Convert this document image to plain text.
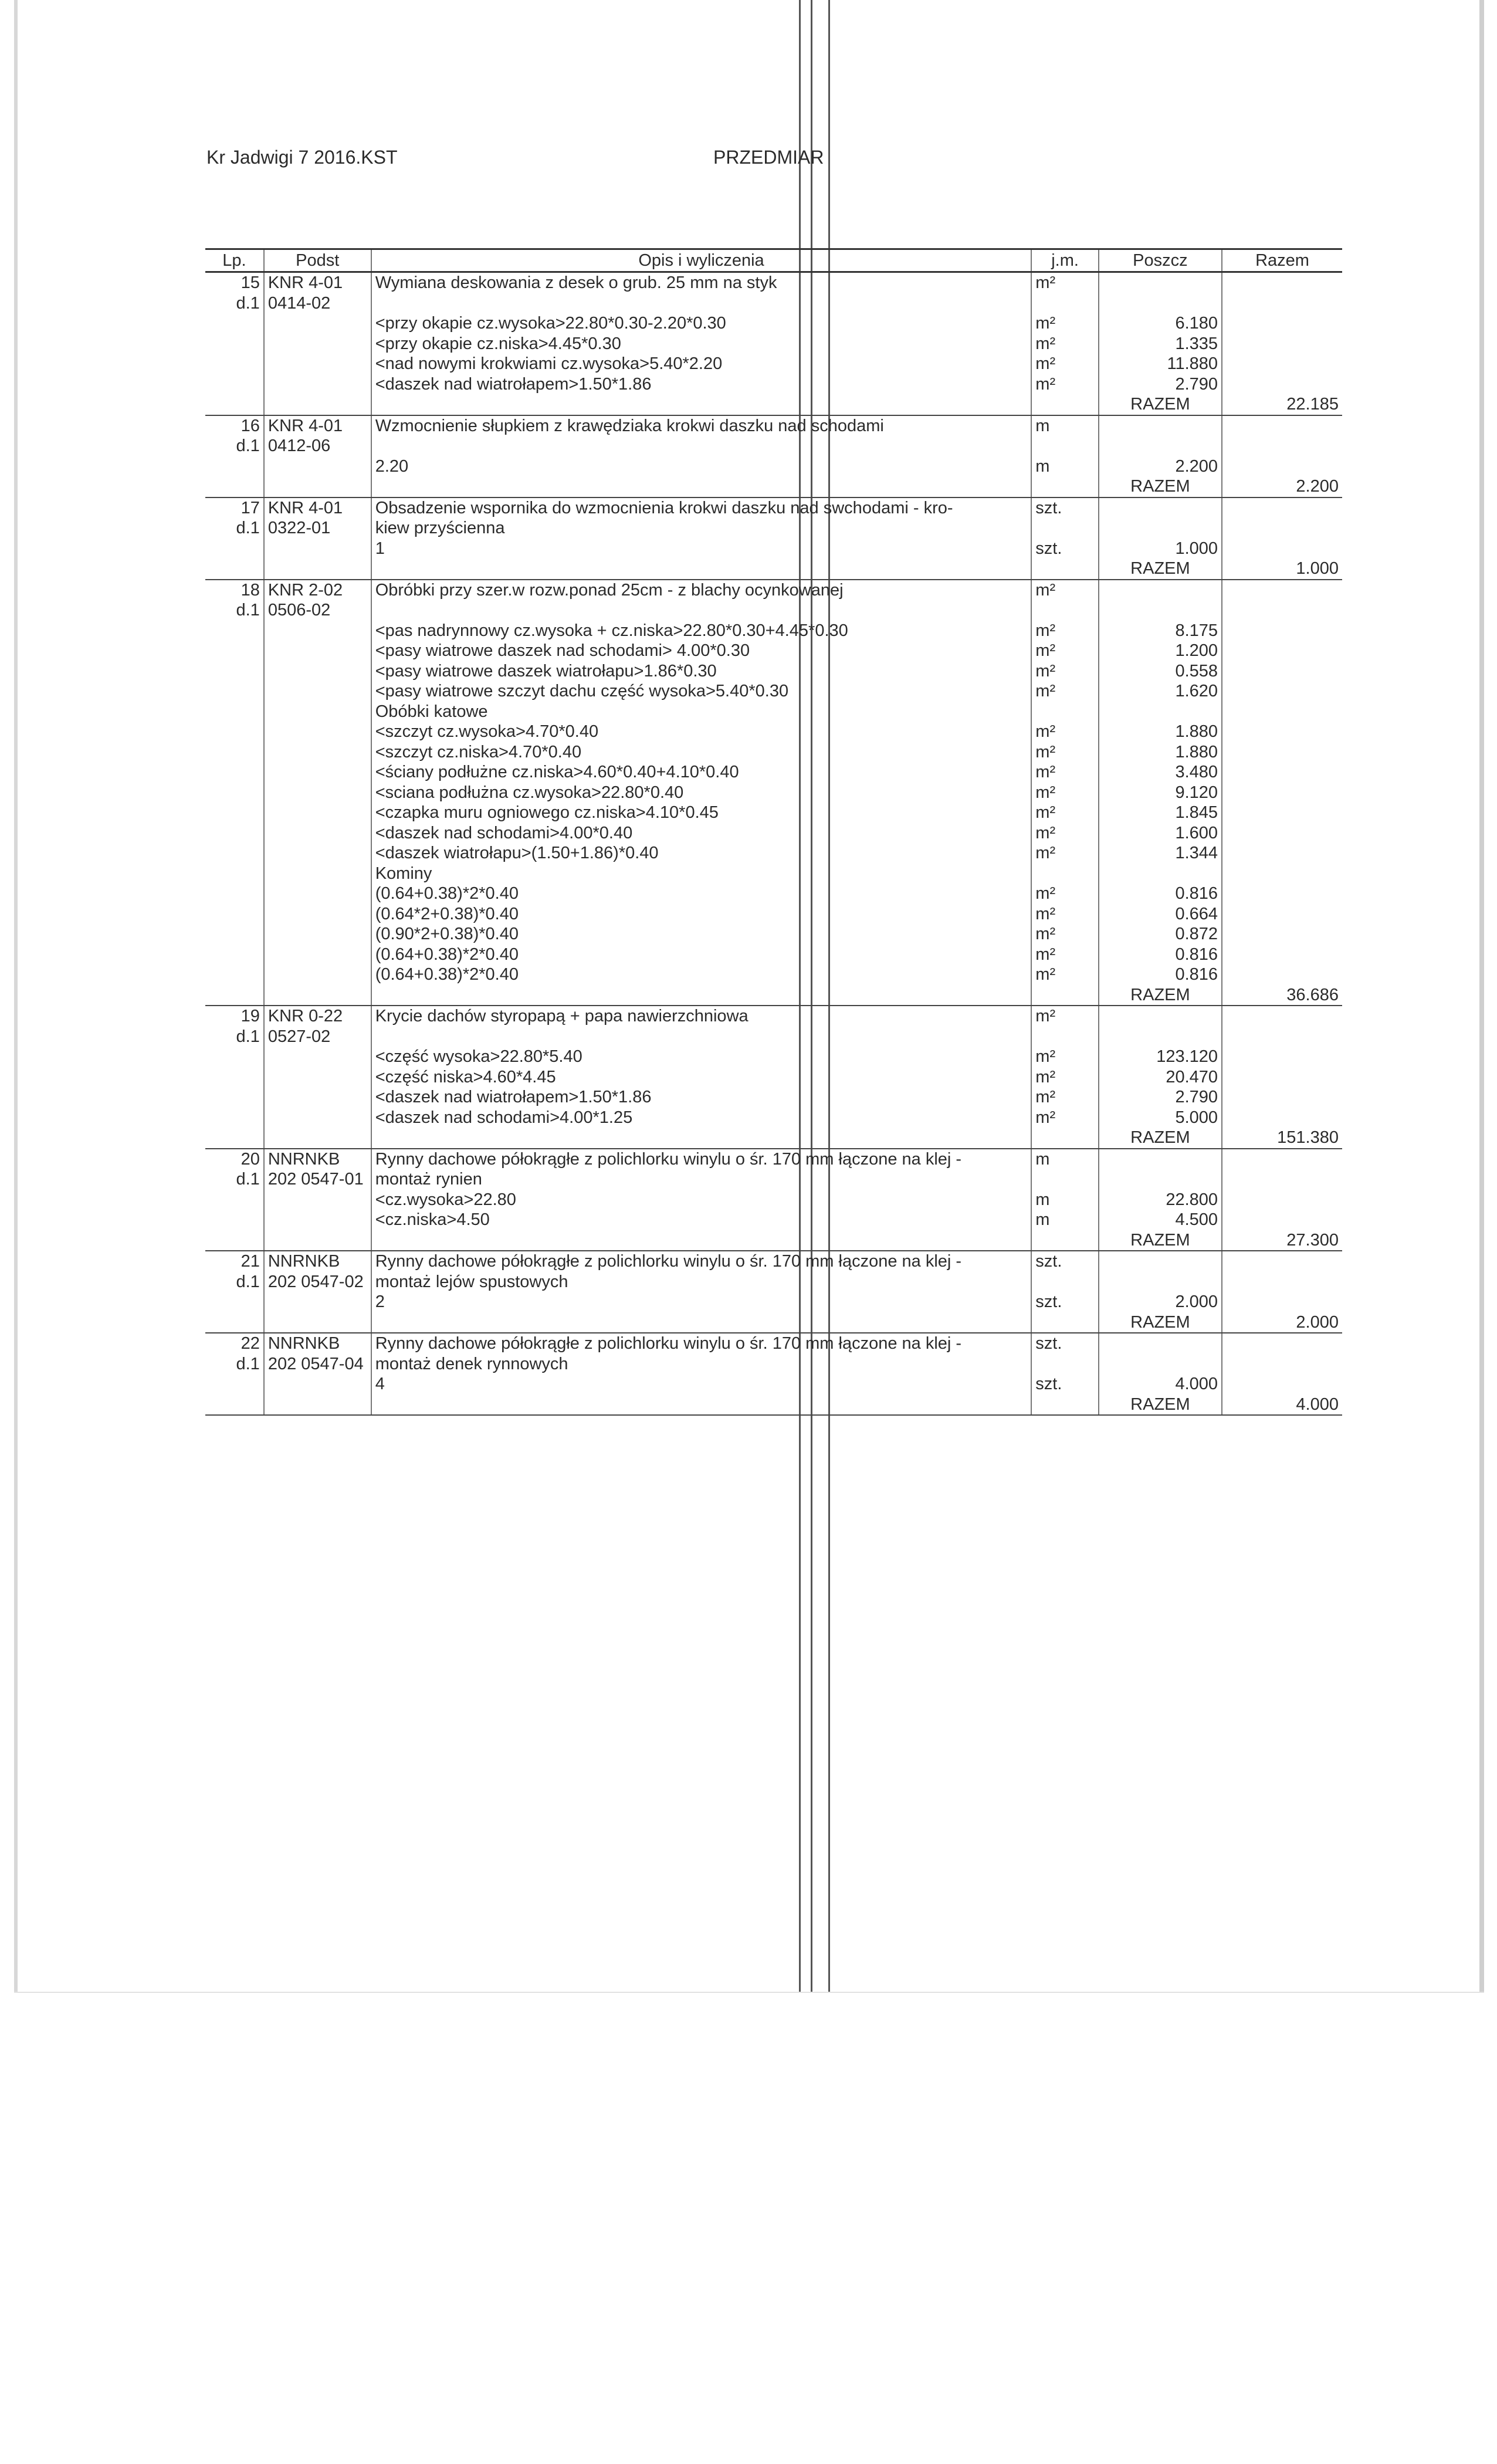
Kr Jadwigi 7 2016.KST	PRZEDMIAR
Lp.	Podst	Opis i wyliczenia	j.m.	Poszcz	Razem
15	KNR 4-01	Wymiana deskowania z desek o grub. 25 mm na styk	m²		
d.1	0414-02				
		<przy okapie cz.wysoka>22.80*0.30-2.20*0.30	m²	6.180	
		<przy okapie cz.niska>4.45*0.30	m²	1.335	
		<nad nowymi krokwiami cz.wysoka>5.40*2.20	m²	11.880	
		<daszek nad wiatrołapem>1.50*1.86	m²	2.790	
				RAZEM	22.185
16	KNR 4-01	Wzmocnienie słupkiem z krawędziaka krokwi daszku nad schodami	m		
d.1	0412-06				
		2.20	m	2.200	
				RAZEM	2.200
17	KNR 4-01	Obsadzenie wspornika do wzmocnienia krokwi daszku nad swchodami - kro-	szt.		
d.1	0322-01	kiew przyścienna			
		1	szt.	1.000	
				RAZEM	1.000
18	KNR 2-02	Obróbki przy szer.w rozw.ponad 25cm - z blachy ocynkowanej	m²		
d.1	0506-02				
		<pas nadrynnowy cz.wysoka + cz.niska>22.80*0.30+4.45*0.30	m²	8.175	
		<pasy wiatrowe daszek nad schodami> 4.00*0.30	m²	1.200	
		<pasy wiatrowe daszek wiatrołapu>1.86*0.30	m²	0.558	
		<pasy wiatrowe szczyt dachu część wysoka>5.40*0.30	m²	1.620	
		Obóbki katowe			
		<szczyt cz.wysoka>4.70*0.40	m²	1.880	
		<szczyt cz.niska>4.70*0.40	m²	1.880	
		<ściany podłużne cz.niska>4.60*0.40+4.10*0.40	m²	3.480	
		<sciana podłużna cz.wysoka>22.80*0.40	m²	9.120	
		<czapka muru ogniowego cz.niska>4.10*0.45	m²	1.845	
		<daszek nad schodami>4.00*0.40	m²	1.600	
		<daszek wiatrołapu>(1.50+1.86)*0.40	m²	1.344	
		Kominy			
		(0.64+0.38)*2*0.40	m²	0.816	
		(0.64*2+0.38)*0.40	m²	0.664	
		(0.90*2+0.38)*0.40	m²	0.872	
		(0.64+0.38)*2*0.40	m²	0.816	
		(0.64+0.38)*2*0.40	m²	0.816	
				RAZEM	36.686
19	KNR 0-22	Krycie dachów styropapą + papa nawierzchniowa	m²		
d.1	0527-02				
		<część wysoka>22.80*5.40	m²	123.120	
		<część niska>4.60*4.45	m²	20.470	
		<daszek nad wiatrołapem>1.50*1.86	m²	2.790	
		<daszek nad schodami>4.00*1.25	m²	5.000	
				RAZEM	151.380
20	NNRNKB	Rynny dachowe półokrągłe z polichlorku winylu o śr. 170 mm łączone na klej -	m		
d.1	202 0547-01	montaż rynien			
		<cz.wysoka>22.80	m	22.800	
		<cz.niska>4.50	m	4.500	
				RAZEM	27.300
21	NNRNKB	Rynny dachowe półokrągłe z polichlorku winylu o śr. 170 mm łączone na klej -	szt.		
d.1	202 0547-02	montaż lejów spustowych			
		2	szt.	2.000	
				RAZEM	2.000
22	NNRNKB	Rynny dachowe półokrągłe z polichlorku winylu o śr. 170 mm łączone na klej -	szt.		
d.1	202 0547-04	montaż denek rynnowych			
		4	szt.	4.000	
				RAZEM	4.000
